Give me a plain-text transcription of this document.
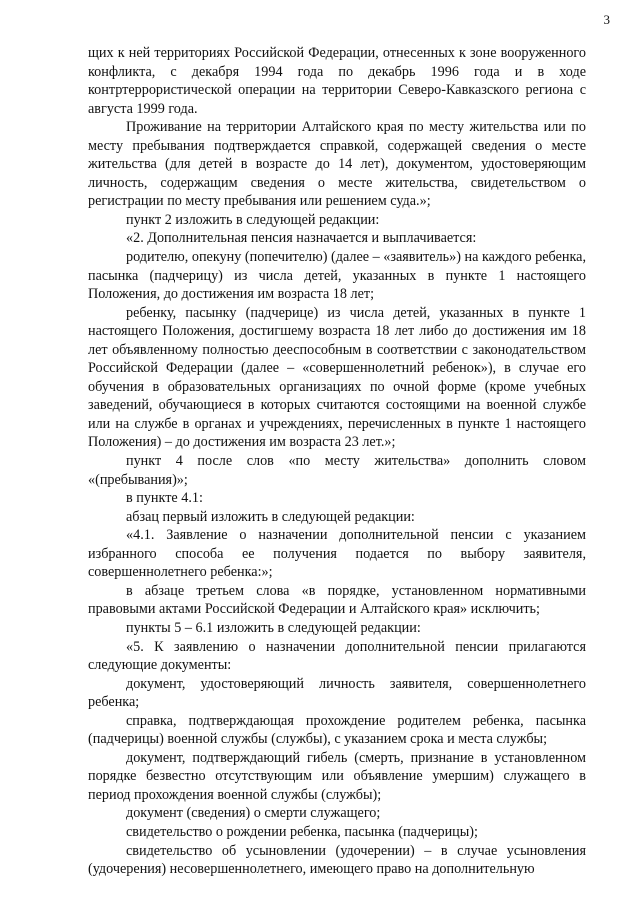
3

щих к ней территориях Российской Федерации, отнесенных к зоне вооруженного конфликта, с декабря 1994 года по декабрь 1996 года и в ходе контртеррористической операции на территории Северо-Кавказского региона с августа 1999 года.

Проживание на территории Алтайского края по месту жительства или по месту пребывания подтверждается справкой, содержащей сведения о месте жительства (для детей в возрасте до 14 лет), документом, удостоверяющим личность, содержащим сведения о месте жительства, свидетельством о регистрации по месту пребывания или решением суда.»;

пункт 2 изложить в следующей редакции:

«2. Дополнительная пенсия назначается и выплачивается:

родителю, опекуну (попечителю) (далее – «заявитель») на каждого ребенка, пасынка (падчерицу) из числа детей, указанных в пункте 1 настоящего Положения, до достижения им возраста 18 лет;

ребенку, пасынку (падчерице) из числа детей, указанных в пункте 1 настоящего Положения, достигшему возраста 18 лет либо до достижения им 18 лет объявленному полностью дееспособным в соответствии с законодательством Российской Федерации (далее – «совершеннолетний ребенок»), в случае его обучения в образовательных организациях по очной форме (кроме учебных заведений, обучающиеся в которых считаются состоящими на военной службе или на службе в органах и учреждениях, перечисленных в пункте 1 настоящего Положения) – до достижения им возраста 23 лет.»;

пункт 4 после слов «по месту жительства» дополнить словом «(пребывания)»;

в пункте 4.1:

абзац первый изложить в следующей редакции:

«4.1. Заявление о назначении дополнительной пенсии с указанием избранного способа ее получения подается по выбору заявителя, совершеннолетнего ребенка:»;

в абзаце третьем слова «в порядке, установленном нормативными правовыми актами Российской Федерации и Алтайского края» исключить;

пункты 5 – 6.1 изложить в следующей редакции:

«5. К заявлению о назначении дополнительной пенсии прилагаются следующие документы:

документ, удостоверяющий личность заявителя, совершеннолетнего ребенка;

справка, подтверждающая прохождение родителем ребенка, пасынка (падчерицы) военной службы (службы), с указанием срока и места службы;

документ, подтверждающий гибель (смерть, признание в установленном порядке безвестно отсутствующим или объявление умершим) служащего в период прохождения военной службы (службы);

документ (сведения) о смерти служащего;

свидетельство о рождении ребенка, пасынка (падчерицы);

свидетельство об усыновлении (удочерении) – в случае усыновления (удочерения) несовершеннолетнего, имеющего право на дополнительную
